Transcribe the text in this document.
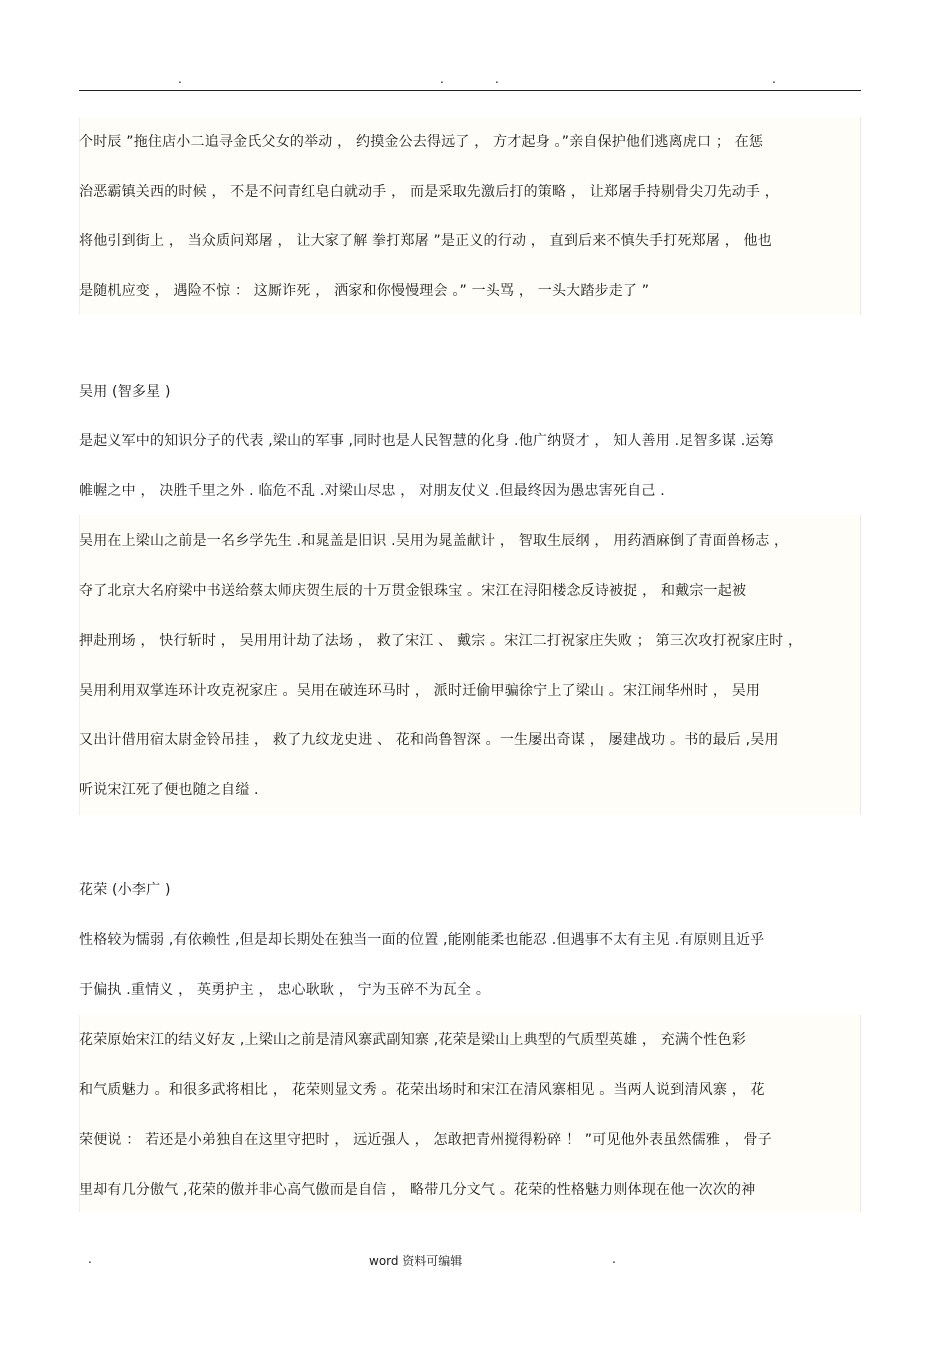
.	.	.	.
个时辰 ”拖住店小二追寻金氏父女的举动 ， 约摸金公去得远了 ， 方才起身 。”亲自保护他们逃离虎口 ； 在惩
治恶霸镇关西的时候 ， 不是不问青红皂白就动手 ， 而是采取先激后打的策略 ， 让郑屠手持剔骨尖刀先动手 ，
将他引到街上 ， 当众质问郑屠 ， 让大家了解 拳打郑屠 ”是正义的行动 ， 直到后来不慎失手打死郑屠 ， 他也
是随机应变 ， 遇险不惊 ： 这厮诈死 ， 洒家和你慢慢理会 。” 一头骂 ， 一头大踏步走了 ”
吴用 (智多星 )
是起义军中的知识分子的代表 ,梁山的军事 ,同时也是人民智慧的化身 .他广纳贤才 ， 知人善用 .足智多谋 .运筹
帷幄之中 ， 决胜千里之外 . 临危不乱 .对梁山尽忠 ， 对朋友仗义 .但最终因为愚忠害死自己 .
吴用在上梁山之前是一名乡学先生 .和晁盖是旧识 .吴用为晁盖献计 ， 智取生辰纲 ， 用药酒麻倒了青面兽杨志 ，
夺了北京大名府梁中书送给蔡太师庆贺生辰的十万贯金银珠宝 。宋江在浔阳楼念反诗被捉 ， 和戴宗一起被
押赴刑场 ， 快行斩时 ， 吴用用计劫了法场 ， 救了宋江 、 戴宗 。宋江二打祝家庄失败 ； 第三次攻打祝家庄时 ，
吴用利用双掌连环计攻克祝家庄 。吴用在破连环马时 ， 派时迁偷甲骗徐宁上了梁山 。宋江闹华州时 ， 吴用
又出计借用宿太尉金铃吊挂 ， 救了九纹龙史进 、 花和尚鲁智深 。一生屡出奇谋 ， 屡建战功 。书的最后 ,吴用
听说宋江死了便也随之自缢 .
花荣 (小李广 )
性格较为懦弱 ,有依赖性 ,但是却长期处在独当一面的位置 ,能刚能柔也能忍 .但遇事不太有主见 .有原则且近乎
于偏执 .重情义 ， 英勇护主 ， 忠心耿耿 ， 宁为玉碎不为瓦全 。
花荣原始宋江的结义好友 ,上梁山之前是清风寨武副知寨 ,花荣是梁山上典型的气质型英雄 ， 充满个性色彩
和气质魅力 。和很多武将相比 ， 花荣则显文秀 。花荣出场时和宋江在清风寨相见 。当两人说到清风寨 ， 花
荣便说 ： 若还是小弟独自在这里守把时 ， 远近强人 ， 怎敢把青州搅得粉碎 ！ ”可见他外表虽然儒雅 ， 骨子
里却有几分傲气 ,花荣的傲并非心高气傲而是自信 ， 略带几分文气 。花荣的性格魅力则体现在他一次次的神
.	word 资料可编辑	.
